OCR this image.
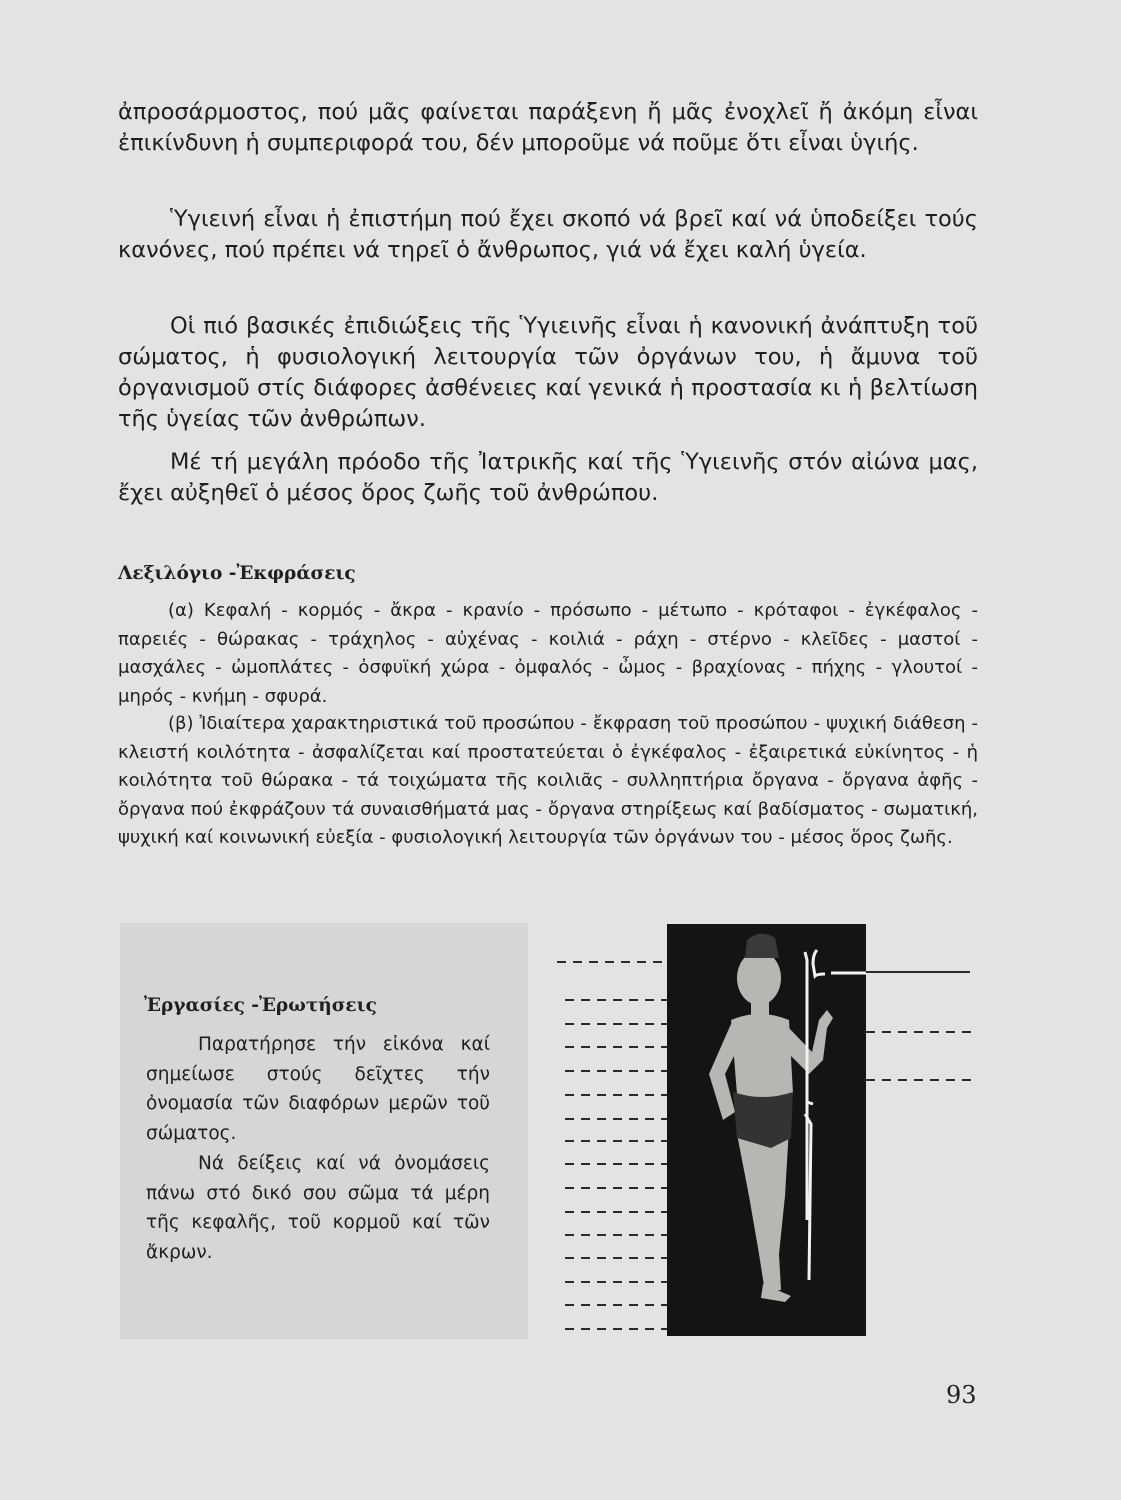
ἀπροσάρμοστος, πού μᾶς φαίνεται παράξενη ἤ μᾶς ἐνοχλεῖ ἤ ἀκόμη εἶναι ἐπικίνδυνη ἡ συμπεριφορά του, δέν μποροῦμε νά ποῦμε ὅτι εἶναι ὑγιής.

Ὑγιεινή εἶναι ἡ ἐπιστήμη πού ἔχει σκοπό νά βρεῖ καί νά ὑποδείξει τούς κανόνες, πού πρέπει νά τηρεῖ ὁ ἄνθρωπος, γιά νά ἔχει καλή ὑγεία.

Οἱ πιό βασικές ἐπιδιώξεις τῆς Ὑγιεινῆς εἶναι ἡ κανονική ἀνάπτυξη τοῦ σώματος, ἡ φυσιολογική λειτουργία τῶν ὀργάνων του, ἡ ἄμυνα τοῦ ὀργανισμοῦ στίς διάφορες ἀσθένειες καί γενικά ἡ προστασία κι ἡ βελτίωση τῆς ὑγείας τῶν ἀνθρώπων.

Μέ τή μεγάλη πρόοδο τῆς Ἰατρικῆς καί τῆς Ὑγιεινῆς στόν αἰώνα μας, ἔχει αὐξηθεῖ ὁ μέσος ὅρος ζωῆς τοῦ ἀνθρώπου.

Λεξιλόγιο -Ἐκφράσεις

(α) Κεφαλή - κορμός - ἄκρα - κρανίο - πρόσωπο - μέτωπο - κρόταφοι - ἐγκέφαλος - παρειές - θώρακας - τράχηλος - αὐχένας - κοιλιά - ράχη - στέρνο - κλεῖδες - μαστοί - μασχάλες - ὠμοπλάτες - ὀσφυϊκή χώρα - ὀμφαλός - ὦμος - βραχίονας - πήχης - γλουτοί - μηρός - κνήμη - σφυρά.

(β) Ἰδιαίτερα χαρακτηριστικά τοῦ προσώπου - ἔκφραση τοῦ προσώπου - ψυχική διάθεση - κλειστή κοιλότητα - ἀσφαλίζεται καί προστατεύεται ὁ ἐγκέφαλος - ἐξαιρετικά εὐκίνητος - ἡ κοιλότητα τοῦ θώρακα - τά τοιχώματα τῆς κοιλιᾶς - συλληπτήρια ὄργανα - ὄργανα ἁφῆς - ὄργανα πού ἐκφράζουν τά συναισθήματά μας - ὄργανα στηρίξεως καί βαδίσματος - σωματική, ψυχική καί κοινωνική εὐεξία - φυσιολογική λειτουργία τῶν ὀργάνων του - μέσος ὅρος ζωῆς.

Ἐργασίες -Ἐρωτήσεις

Παρατήρησε τήν εἰκόνα καί σημείωσε στούς δεῖχτες τήν ὀνομασία τῶν διαφόρων μερῶν τοῦ σώματος.

Νά δείξεις καί νά ὀνομάσεις πάνω στό δικό σου σῶμα τά μέρη τῆς κεφαλῆς, τοῦ κορμοῦ καί τῶν ἄκρων.

93
